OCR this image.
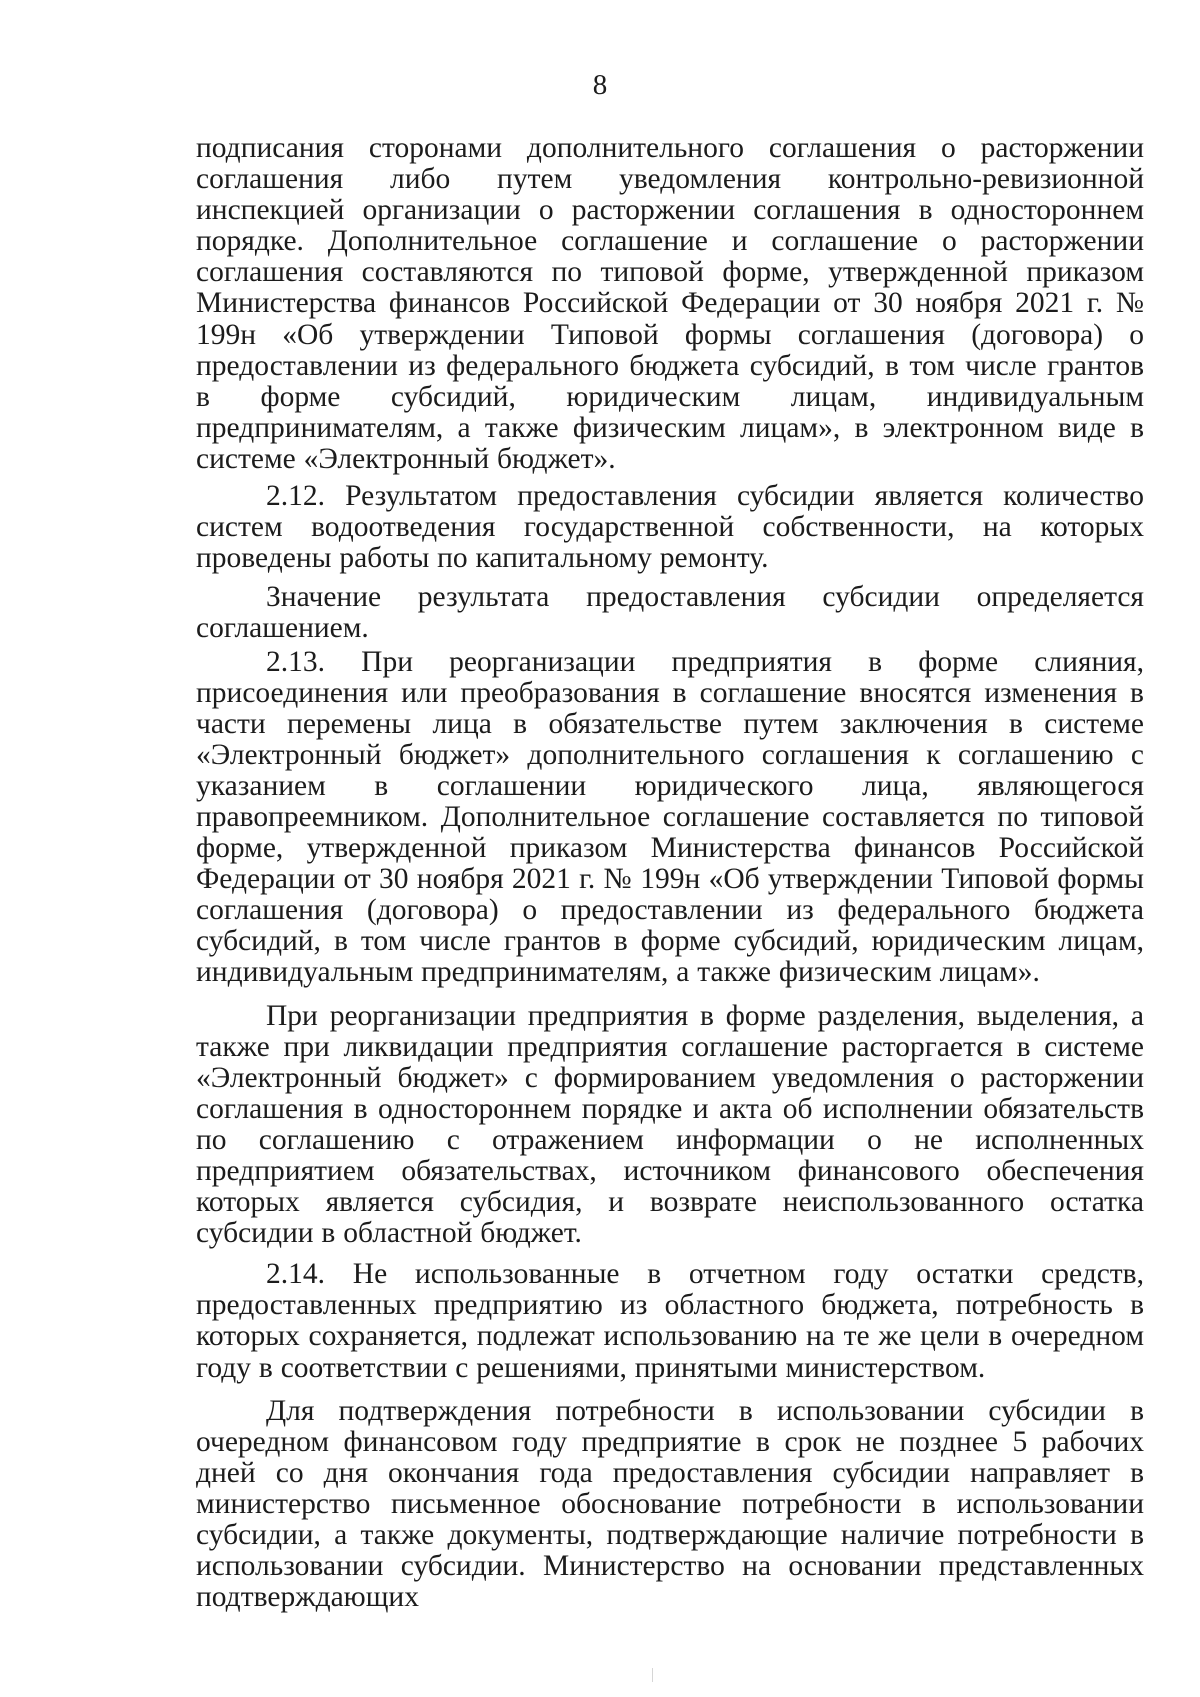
8

подписания сторонами дополнительного соглашения о расторжении соглашения либо путем уведомления контрольно-ревизионной инспекцией организации о расторжении соглашения в одностороннем порядке. Дополнительное соглашение и соглашение о расторжении соглашения составляются по типовой форме, утвержденной приказом Министерства финансов Российской Федерации от 30 ноября 2021 г. № 199н «Об утверждении Типовой формы соглашения (договора) о предоставлении из федерального бюджета субсидий, в том числе грантов в форме субсидий, юридическим лицам, индивидуальным предпринимателям, а также физическим лицам», в электронном виде в системе «Электронный бюджет».

2.12. Результатом предоставления субсидии является количество систем водоотведения государственной собственности, на которых проведены работы по капитальному ремонту.

Значение результата предоставления субсидии определяется соглашением.

2.13. При реорганизации предприятия в форме слияния, присоединения или преобразования в соглашение вносятся изменения в части перемены лица в обязательстве путем заключения в системе «Электронный бюджет» дополнительного соглашения к соглашению с указанием в соглашении юридического лица, являющегося правопреемником. Дополнительное соглашение составляется по типовой форме, утвержденной приказом Министерства финансов Российской Федерации от 30 ноября 2021 г. № 199н «Об утверждении Типовой формы соглашения (договора) о предоставлении из федерального бюджета субсидий, в том числе грантов в форме субсидий, юридическим лицам, индивидуальным предпринимателям, а также физическим лицам».

При реорганизации предприятия в форме разделения, выделения, а также при ликвидации предприятия соглашение расторгается в системе «Электронный бюджет» с формированием уведомления о расторжении соглашения в одностороннем порядке и акта об исполнении обязательств по соглашению с отражением информации о не исполненных предприятием обязательствах, источником финансового обеспечения которых является субсидия, и возврате неиспользованного остатка субсидии в областной бюджет.

2.14. Не использованные в отчетном году остатки средств, предоставленных предприятию из областного бюджета, потребность в которых сохраняется, подлежат использованию на те же цели в очередном году в соответствии с решениями, принятыми министерством.

Для подтверждения потребности в использовании субсидии в очередном финансовом году предприятие в срок не позднее 5 рабочих дней со дня окончания года предоставления субсидии направляет в министерство письменное обоснование потребности в использовании субсидии, а также документы, подтверждающие наличие потребности в использовании субсидии. Министерство на основании представленных подтверждающих
